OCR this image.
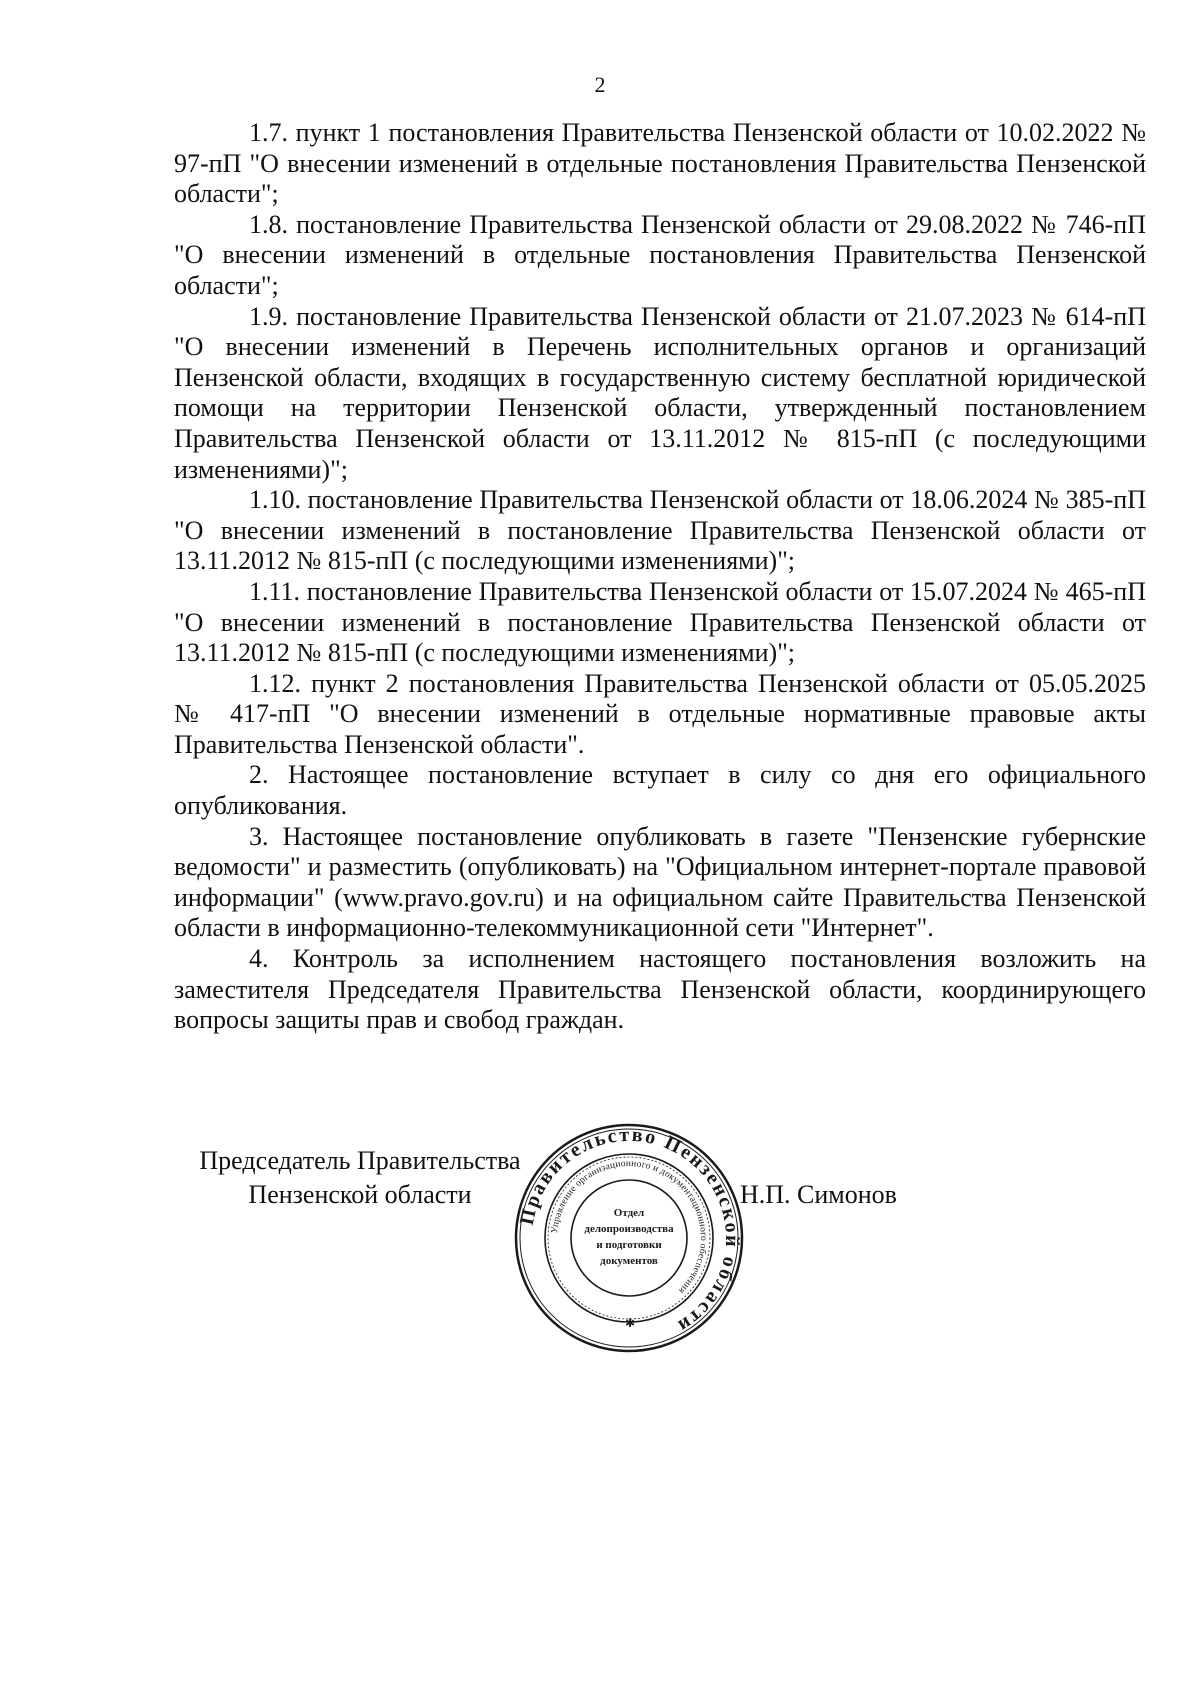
2

1.7. пункт 1 постановления Правительства Пензенской области от 10.02.2022 № 97-пП "О внесении изменений в отдельные постановления Правительства Пензенской области";

1.8. постановление Правительства Пензенской области от 29.08.2022 № 746-пП "О внесении изменений в отдельные постановления Правительства Пензенской области";

1.9. постановление Правительства Пензенской области от 21.07.2023 № 614-пП "О внесении изменений в Перечень исполнительных органов и организаций Пензенской области, входящих в государственную систему бесплатной юридической помощи на территории Пензенской области, утвержденный постановлением Правительства Пензенской области от 13.11.2012 № 815-пП (с последующими изменениями)";

1.10. постановление Правительства Пензенской области от 18.06.2024 № 385-пП "О внесении изменений в постановление Правительства Пензенской области от 13.11.2012 № 815-пП (с последующими изменениями)";

1.11. постановление Правительства Пензенской области от 15.07.2024 № 465-пП "О внесении изменений в постановление Правительства Пензенской области от 13.11.2012 № 815-пП (с последующими изменениями)";

1.12. пункт 2 постановления Правительства Пензенской области от 05.05.2025 № 417-пП "О внесении изменений в отдельные нормативные правовые акты Правительства Пензенской области".

2. Настоящее постановление вступает в силу со дня его официального опубликования.

3. Настоящее постановление опубликовать в газете "Пензенские губернские ведомости" и разместить (опубликовать) на "Официальном интернет-портале правовой информации" (www.pravo.gov.ru) и на официальном сайте Правительства Пензенской области в информационно-телекоммуникационной сети "Интернет".

4. Контроль за исполнением настоящего постановления возложить на заместителя Председателя Правительства Пензенской области, координирующего вопросы защиты прав и свобод граждан.

Председатель Правительства
Пензенской области
Правительство Пензенской области
Управление организационного и документационного обеспечения
Отдел
делопроизводства
и подготовки
документов
✱
Н.П. Симонов
